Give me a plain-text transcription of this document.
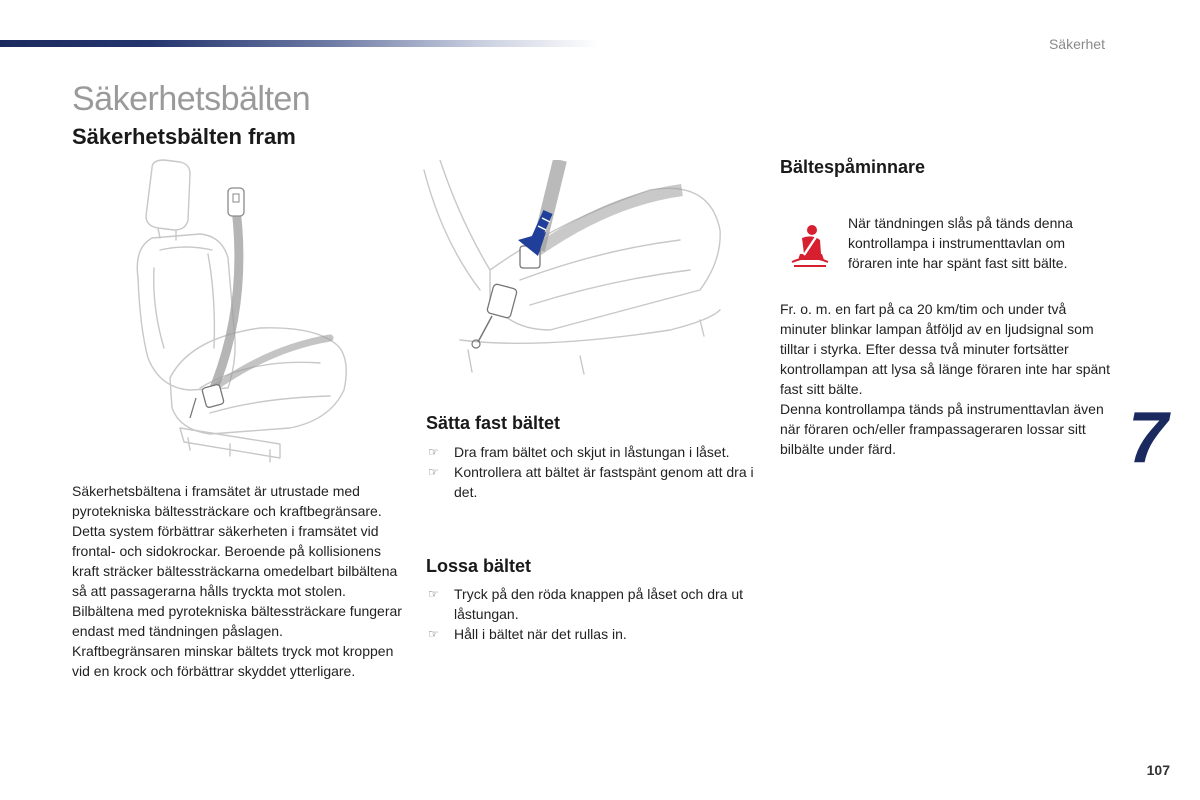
Säkerhet
Säkerhetsbälten
Säkerhetsbälten fram

Säkerhetsbältena i framsätet är utrustade med pyrotekniska bältessträckare och kraftbegränsare.

Detta system förbättrar säkerheten i framsätet vid frontal- och sidokrockar. Beroende på kollisionens kraft sträcker bältessträckarna omedelbart bilbältena så att passagerarna hålls tryckta mot stolen.

Bilbältena med pyrotekniska bältessträckare fungerar endast med tändningen påslagen.

Kraftbegränsaren minskar bältets tryck mot kroppen vid en krock och förbättrar skyddet ytterligare.

Sätta fast bältet
☞ Dra fram bältet och skjut in låstungan i låset.
☞ Kontrollera att bältet är fastspänt genom att dra i det.
Lossa bältet
☞ Tryck på den röda knappen på låset och dra ut låstungan.
☞ Håll i bältet när det rullas in.
Bältespåminnare
När tändningen slås på tänds denna kontrollampa i instrumenttavlan om föraren inte har spänt fast sitt bälte.

Fr. o. m. en fart på ca 20 km/tim och under två minuter blinkar lampan åtföljd av en ljudsignal som tilltar i styrka. Efter dessa två minuter fortsätter kontrollampan att lysa så länge föraren inte har spänt fast sitt bälte.

Denna kontrollampa tänds på instrumenttavlan även när föraren och/eller frampassageraren lossar sitt bilbälte under färd.	7
107
